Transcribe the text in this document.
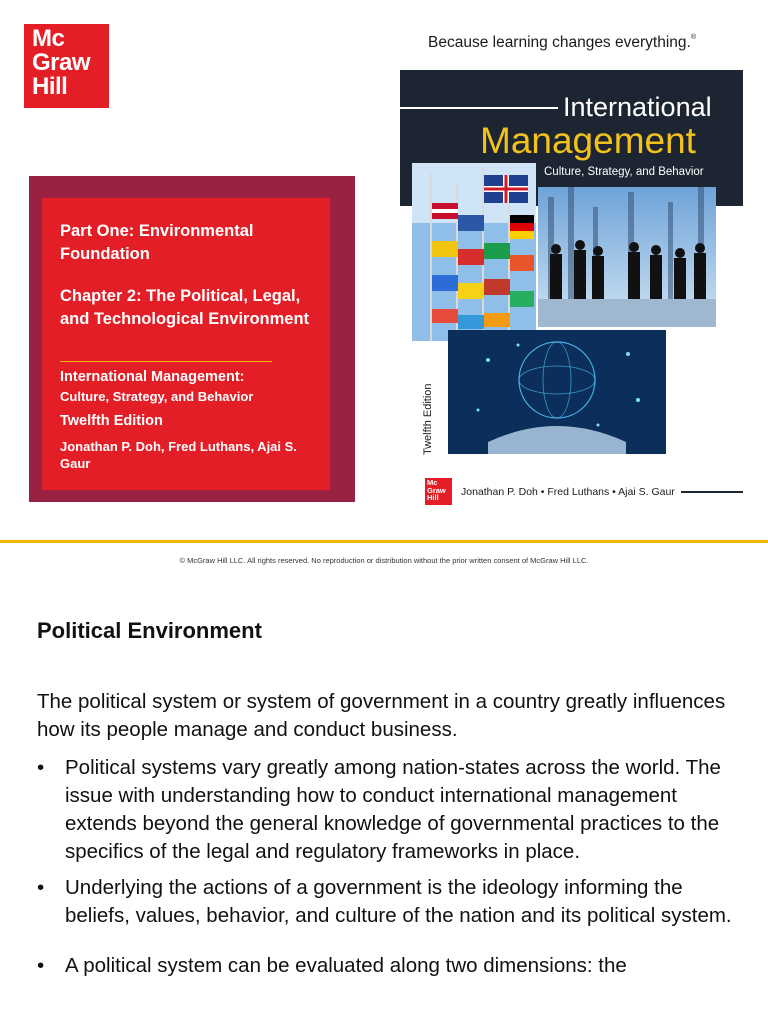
Mc
Graw
Hill
Because learning changes everything.®
Part One: Environmental Foundation
Chapter 2: The Political, Legal, and Technological Environment
International Management:
Culture, Strategy, and Behavior
Twelfth Edition
Jonathan P. Doh, Fred Luthans, Ajai S. Gaur
International
Management
Culture, Strategy, and Behavior
Twelfth Edition
Mc
Graw
Hill	Jonathan P. Doh • Fred Luthans • Ajai S. Gaur
© McGraw Hill LLC. All rights reserved. No reproduction or distribution without the prior written consent of McGraw Hill LLC.
Political Environment
The political system or system of government in a country greatly influences how its people manage and conduct business.
• Political systems vary greatly among nation-states across the world. The issue with understanding how to conduct international management extends beyond the general knowledge of governmental practices to the specifics of the legal and regulatory frameworks in place.
• Underlying the actions of a government is the ideology informing the beliefs, values, behavior, and culture of the nation and its political system.
• A political system can be evaluated along two dimensions: the
